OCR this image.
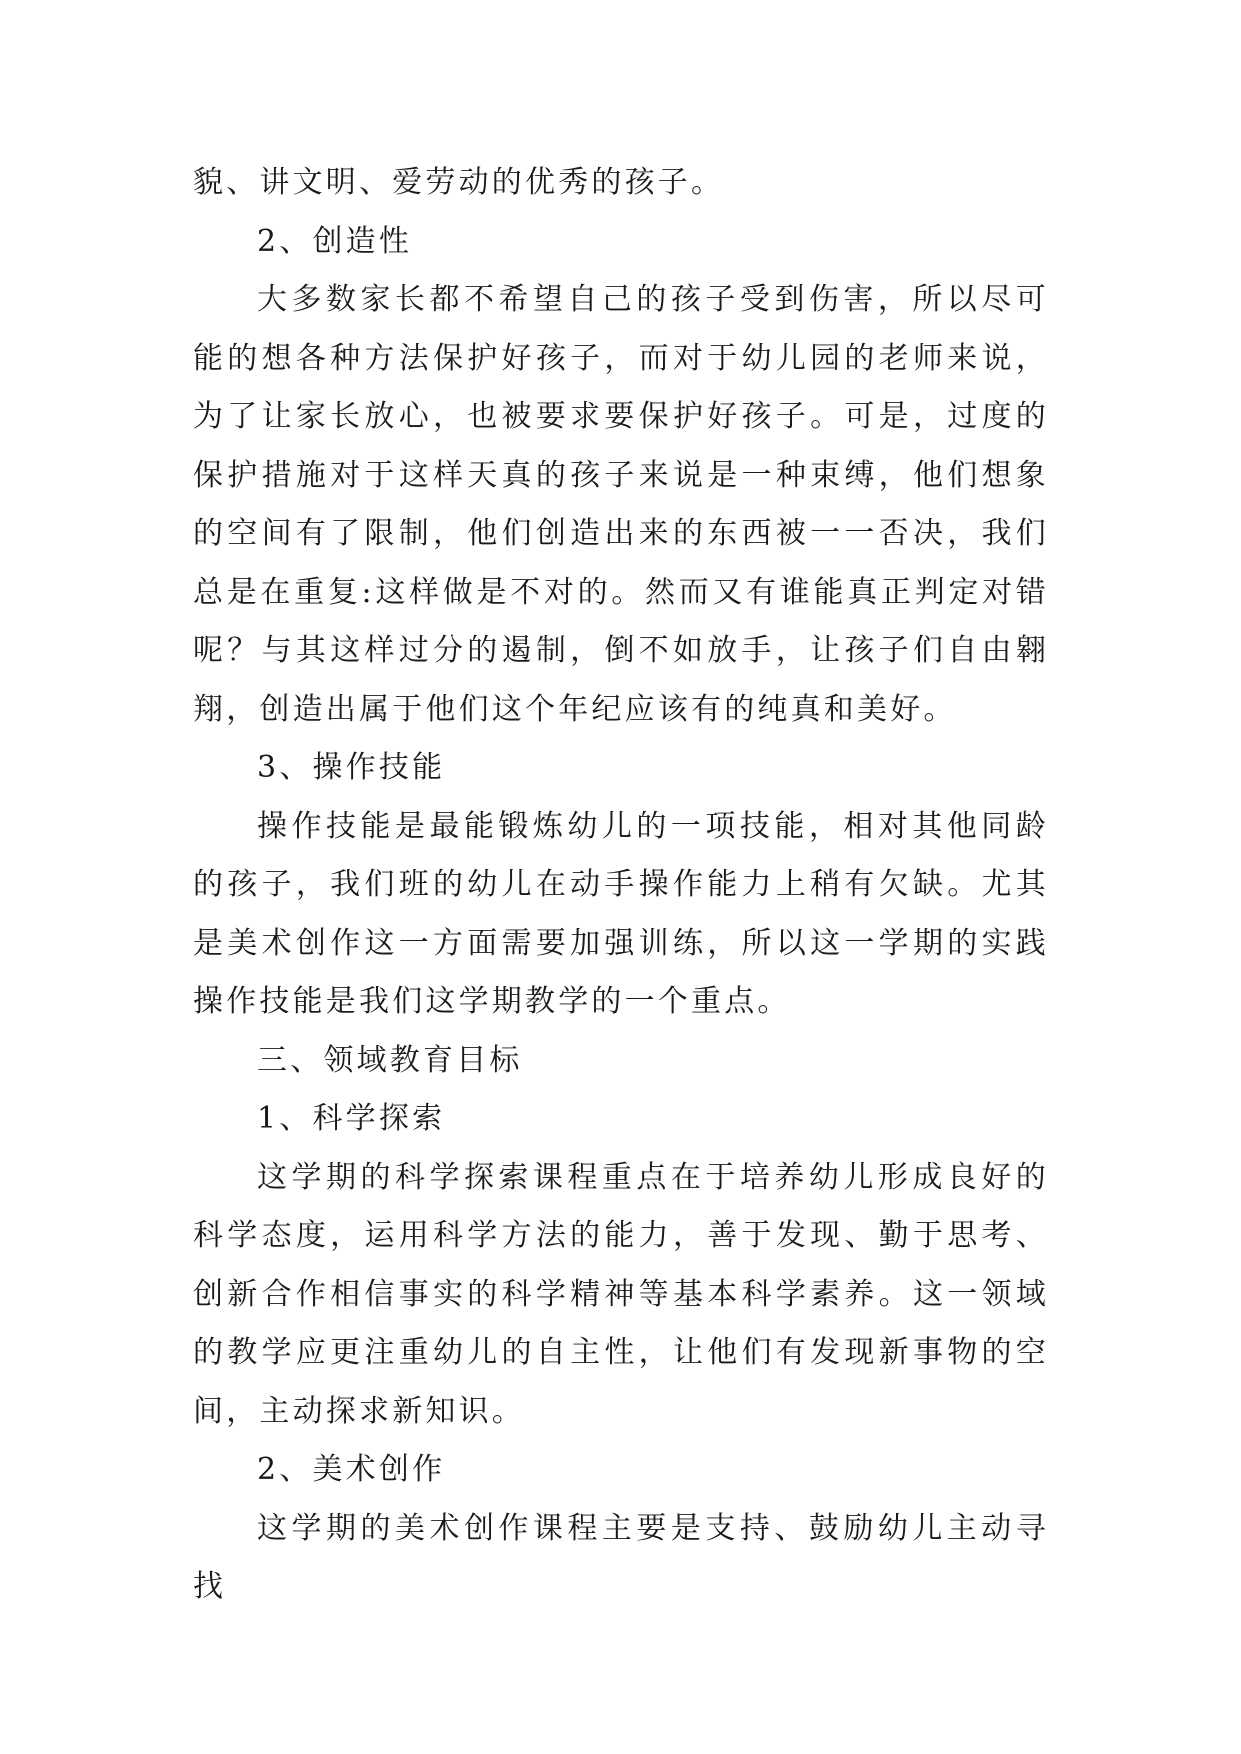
貌、讲文明、爱劳动的优秀的孩子。

2、创造性

大多数家长都不希望自己的孩子受到伤害，所以尽可能的想各种方法保护好孩子，而对于幼儿园的老师来说，为了让家长放心，也被要求要保护好孩子。可是，过度的保护措施对于这样天真的孩子来说是一种束缚，他们想象的空间有了限制，他们创造出来的东西被一一否决，我们总是在重复:这样做是不对的。然而又有谁能真正判定对错呢？与其这样过分的遏制，倒不如放手，让孩子们自由翱翔，创造出属于他们这个年纪应该有的纯真和美好。

3、操作技能

操作技能是最能锻炼幼儿的一项技能，相对其他同龄的孩子，我们班的幼儿在动手操作能力上稍有欠缺。尤其是美术创作这一方面需要加强训练，所以这一学期的实践操作技能是我们这学期教学的一个重点。

三、领域教育目标

1、科学探索

这学期的科学探索课程重点在于培养幼儿形成良好的科学态度，运用科学方法的能力，善于发现、勤于思考、创新合作相信事实的科学精神等基本科学素养。这一领域的教学应更注重幼儿的自主性，让他们有发现新事物的空间，主动探求新知识。

2、美术创作

这学期的美术创作课程主要是支持、鼓励幼儿主动寻找
